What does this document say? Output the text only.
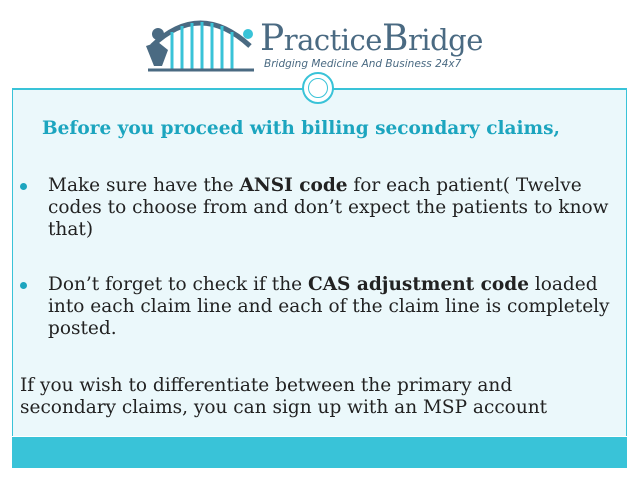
PracticeBridge
Bridging Medicine And Business 24x7
Before you proceed with billing secondary claims,
Make sure have the ANSI code for each patient( Twelve codes to choose from and don’t expect the patients to know that)
Don’t forget to check if the CAS adjustment code loaded into each claim line and each of the claim line is completely posted.
If you wish to differentiate between the primary and secondary claims, you can sign up with an MSP account
